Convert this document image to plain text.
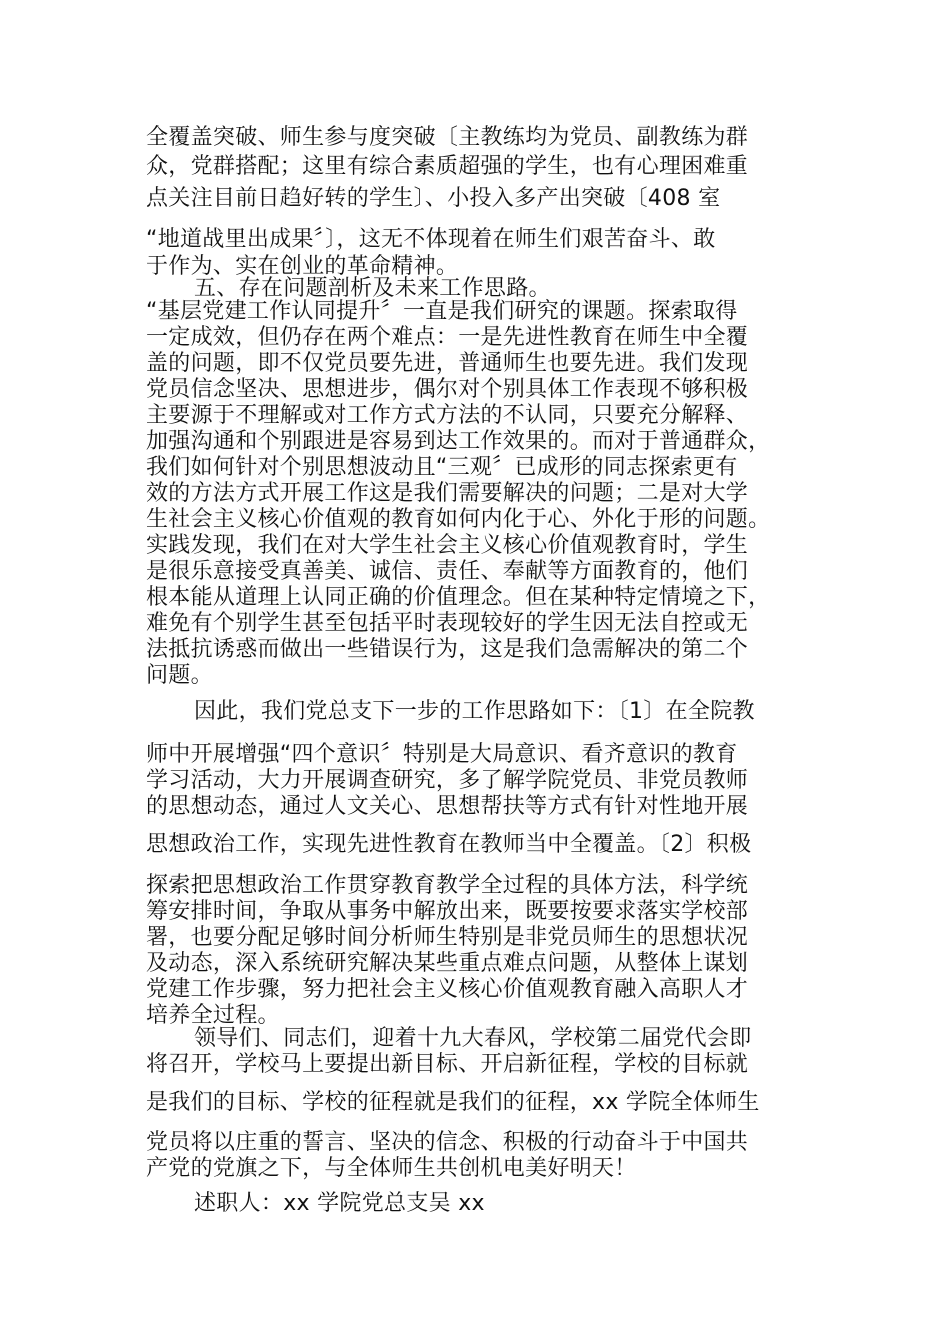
全覆盖突破、师生参与度突破〔主教练均为党员、副教练为群
众，党群搭配；这里有综合素质超强的学生，也有心理困难重
点关注目前日趋好转的学生〕、小投入多产出突破〔408 室
“地道战里出成果〞〕，这无不体现着在师生们艰苦奋斗、敢
于作为、实在创业的革命精神。
五、存在问题剖析及未来工作思路。
“基层党建工作认同提升〞一直是我们研究的课题。探索取得
一定成效，但仍存在两个难点：一是先进性教育在师生中全覆
盖的问题，即不仅党员要先进，普通师生也要先进。我们发现
党员信念坚决、思想进步，偶尔对个别具体工作表现不够积极
主要源于不理解或对工作方式方法的不认同，只要充分解释、
加强沟通和个别跟进是容易到达工作效果的。而对于普通群众，
我们如何针对个别思想波动且“三观〞已成形的同志探索更有
效的方法方式开展工作这是我们需要解决的问题；二是对大学
生社会主义核心价值观的教育如何内化于心、外化于形的问题。
实践发现，我们在对大学生社会主义核心价值观教育时，学生
是很乐意接受真善美、诚信、责任、奉献等方面教育的，他们
根本能从道理上认同正确的价值理念。但在某种特定情境之下，
难免有个别学生甚至包括平时表现较好的学生因无法自控或无
法抵抗诱惑而做出一些错误行为，这是我们急需解决的第二个
问题。
因此，我们党总支下一步的工作思路如下：〔1〕在全院教
师中开展增强“四个意识〞特别是大局意识、看齐意识的教育
学习活动，大力开展调查研究，多了解学院党员、非党员教师
的思想动态，通过人文关心、思想帮扶等方式有针对性地开展
思想政治工作，实现先进性教育在教师当中全覆盖。〔2〕积极
探索把思想政治工作贯穿教育教学全过程的具体方法，科学统
筹安排时间，争取从事务中解放出来，既要按要求落实学校部
署，也要分配足够时间分析师生特别是非党员师生的思想状况
及动态，深入系统研究解决某些重点难点问题，从整体上谋划
党建工作步骤，努力把社会主义核心价值观教育融入高职人才
培养全过程。
领导们、同志们，迎着十九大春风，学校第二届党代会即
将召开，学校马上要提出新目标、开启新征程，学校的目标就
是我们的目标、学校的征程就是我们的征程，xx 学院全体师生
党员将以庄重的誓言、坚决的信念、积极的行动奋斗于中国共
产党的党旗之下，与全体师生共创机电美好明天！
述职人：xx 学院党总支吴 xx
